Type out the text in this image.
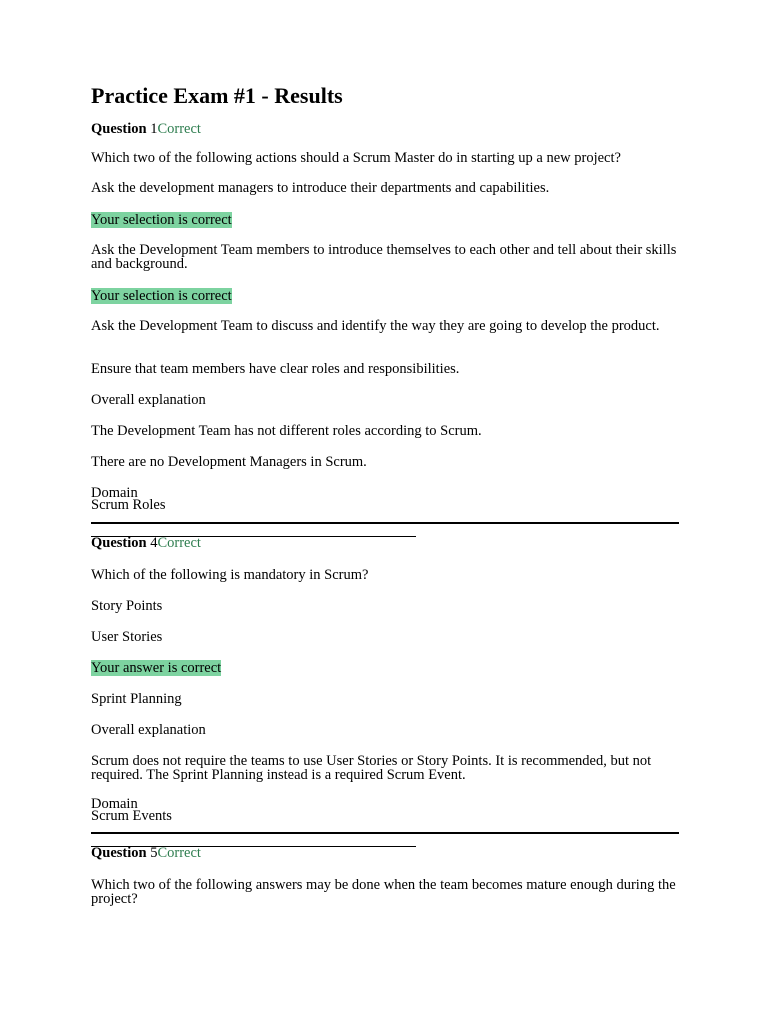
Practice Exam #1 - Results
Question 1Correct
Which two of the following actions should a Scrum Master do in starting up a new project?
Ask the development managers to introduce their departments and capabilities.
Your selection is correct
Ask the Development Team members to introduce themselves to each other and tell about their skills and background.
Your selection is correct
Ask the Development Team to discuss and identify the way they are going to develop the product.
Ensure that team members have clear roles and responsibilities.
Overall explanation
The Development Team has not different roles according to Scrum.
There are no Development Managers in Scrum.
Domain
Scrum Roles
Question 4Correct
Which of the following is mandatory in Scrum?
Story Points
User Stories
Your answer is correct
Sprint Planning
Overall explanation
Scrum does not require the teams to use User Stories or Story Points. It is recommended, but not required. The Sprint Planning instead is a required Scrum Event.
Domain
Scrum Events
Question 5Correct
Which two of the following answers may be done when the team becomes mature enough during the project?
